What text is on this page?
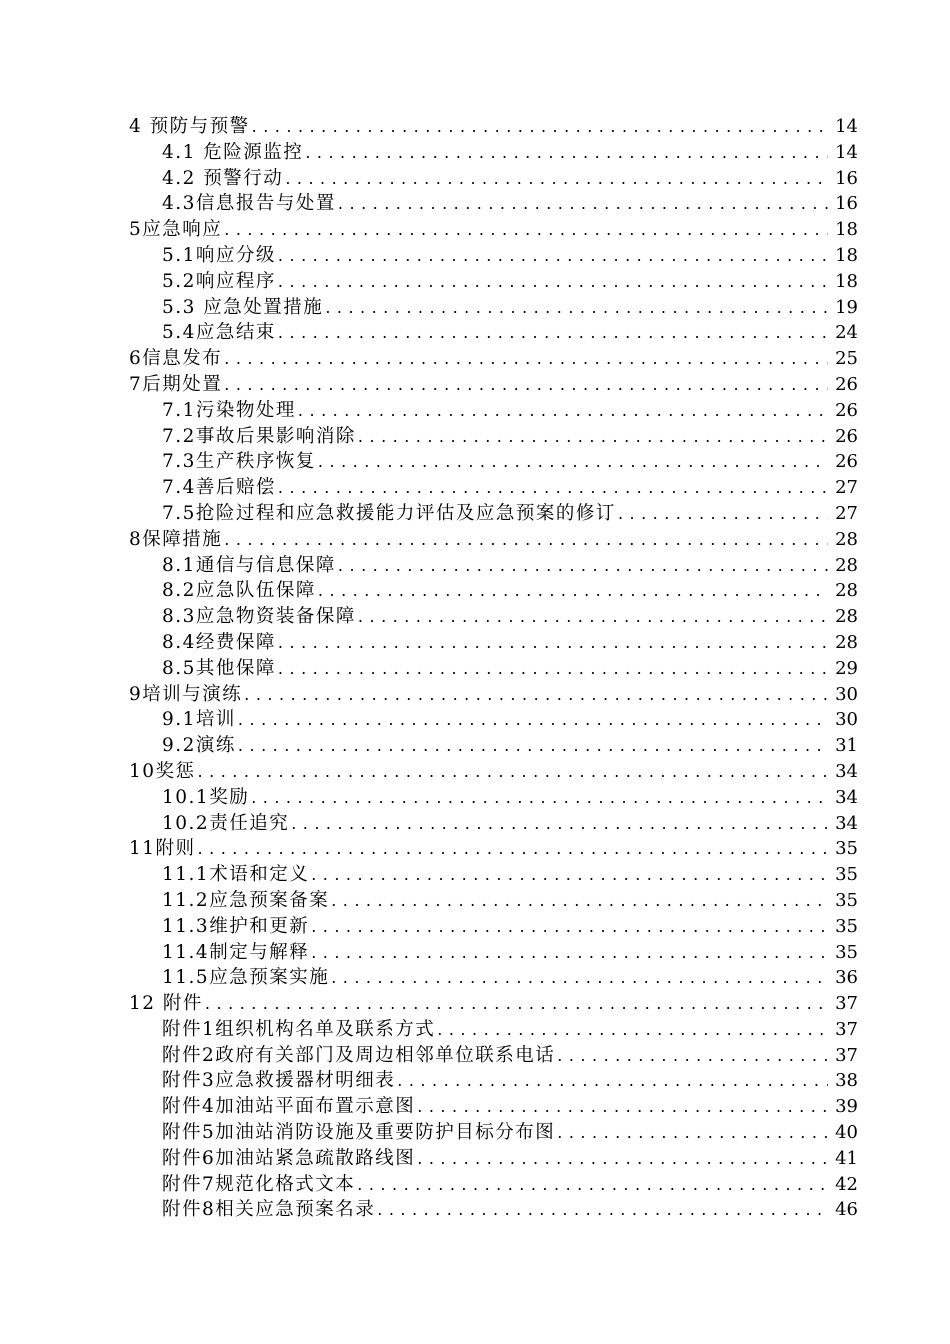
4 预防与预警 . . .	14
4.1 危险源监控 . . .	14
4.2 预警行动 . . .	16
4.3信息报告与处置 . . .	16
5应急响应 . . .	18
5.1响应分级 . . .	18
5.2响应程序 . . .	18
5.3 应急处置措施 . . .	19
5.4应急结束 . . .	24
6信息发布 . . .	25
7后期处置 . . .	26
7.1污染物处理 . . .	26
7.2事故后果影响消除 . . .	26
7.3生产秩序恢复 . . .	26
7.4善后赔偿 . . .	27
7.5抢险过程和应急救援能力评估及应急预案的修订 . . .	27
8保障措施 . . .	28
8.1通信与信息保障 . . .	28
8.2应急队伍保障 . . .	28
8.3应急物资装备保障 . . .	28
8.4经费保障 . . .	28
8.5其他保障 . . .	29
9培训与演练 . . .	30
9.1培训 . . .	30
9.2演练 . . .	31
10奖惩 . . .	34
10.1奖励 . . .	34
10.2责任追究 . . .	34
11附则 . . .	35
11.1术语和定义 . . .	35
11.2应急预案备案 . . .	35
11.3维护和更新 . . .	35
11.4制定与解释 . . .	35
11.5应急预案实施 . . .	36
12 附件 . . .	37
附件1组织机构名单及联系方式 . . .	37
附件2政府有关部门及周边相邻单位联系电话 . . .	37
附件3应急救援器材明细表 . . .	38
附件4加油站平面布置示意图 . . .	39
附件5加油站消防设施及重要防护目标分布图 . . .	40
附件6加油站紧急疏散路线图 . . .	41
附件7规范化格式文本 . . .	42
附件8相关应急预案名录 . . .	46
